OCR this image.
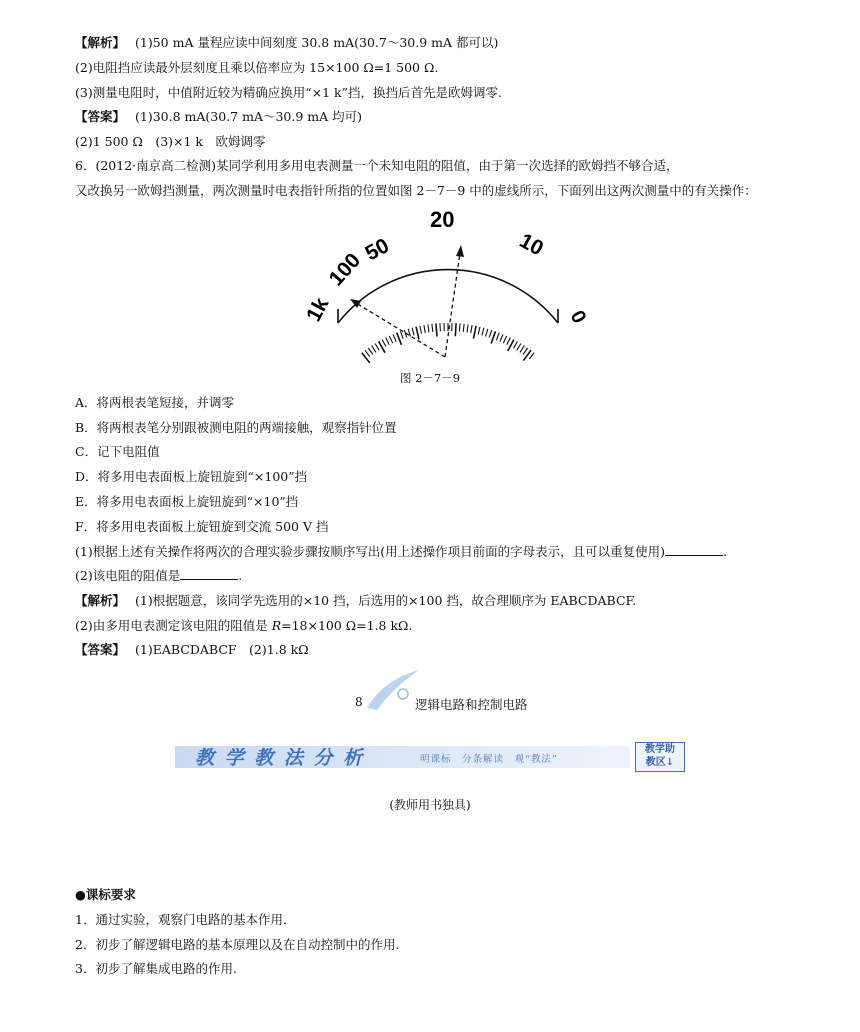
【解析】 (1)50 mA 量程应读中间刻度 30.8 mA(30.7～30.9 mA 都可以)
(2)电阻挡应读最外层刻度且乘以倍率应为 15×100 Ω=1 500 Ω.
(3)测量电阻时，中值附近较为精确应换用“×1 k”挡，换挡后首先是欧姆调零.
【答案】 (1)30.8 mA(30.7 mA～30.9 mA 均可)
(2)1 500 Ω　(3)×1 k　欧姆调零
6．(2012·南京高二检测)某同学利用多用电表测量一个未知电阻的阻值，由于第一次选择的欧姆挡不够合适，
又改换另一欧姆挡测量，两次测量时电表指针所指的位置如图 2－7－9 中的虚线所示，下面列出这两次测量中的有关操作：
1k
100
50
20
10
0
图 2－7－9
A．将两根表笔短接，并调零
B．将两根表笔分别跟被测电阻的两端接触，观察指针位置
C．记下电阻值
D．将多用电表面板上旋钮旋到“×100”挡
E．将多用电表面板上旋钮旋到“×10”挡
F．将多用电表面板上旋钮旋到交流 500 V 挡
(1)根据上述有关操作将两次的合理实验步骤按顺序写出(用上述操作项目前面的字母表示，且可以重复使用)	.
(2)该电阻的阻值是	.
【解析】 (1)根据题意，该同学先选用的×10 挡，后选用的×100 挡，故合理顺序为 EABCDABCF.
(2)由多用电表测定该电阻的阻值是 R=18×100 Ω=1.8 kΩ.
【答案】 (1)EABCDABCF　(2)1.8 kΩ
8	逻辑电路和控制电路
教 学 教 法 分 析	明课标　分条解读　观“教法”
教学助
教区↓
(教师用书独具)
●课标要求
1．通过实验，观察门电路的基本作用.
2．初步了解逻辑电路的基本原理以及在自动控制中的作用.
3．初步了解集成电路的作用.
